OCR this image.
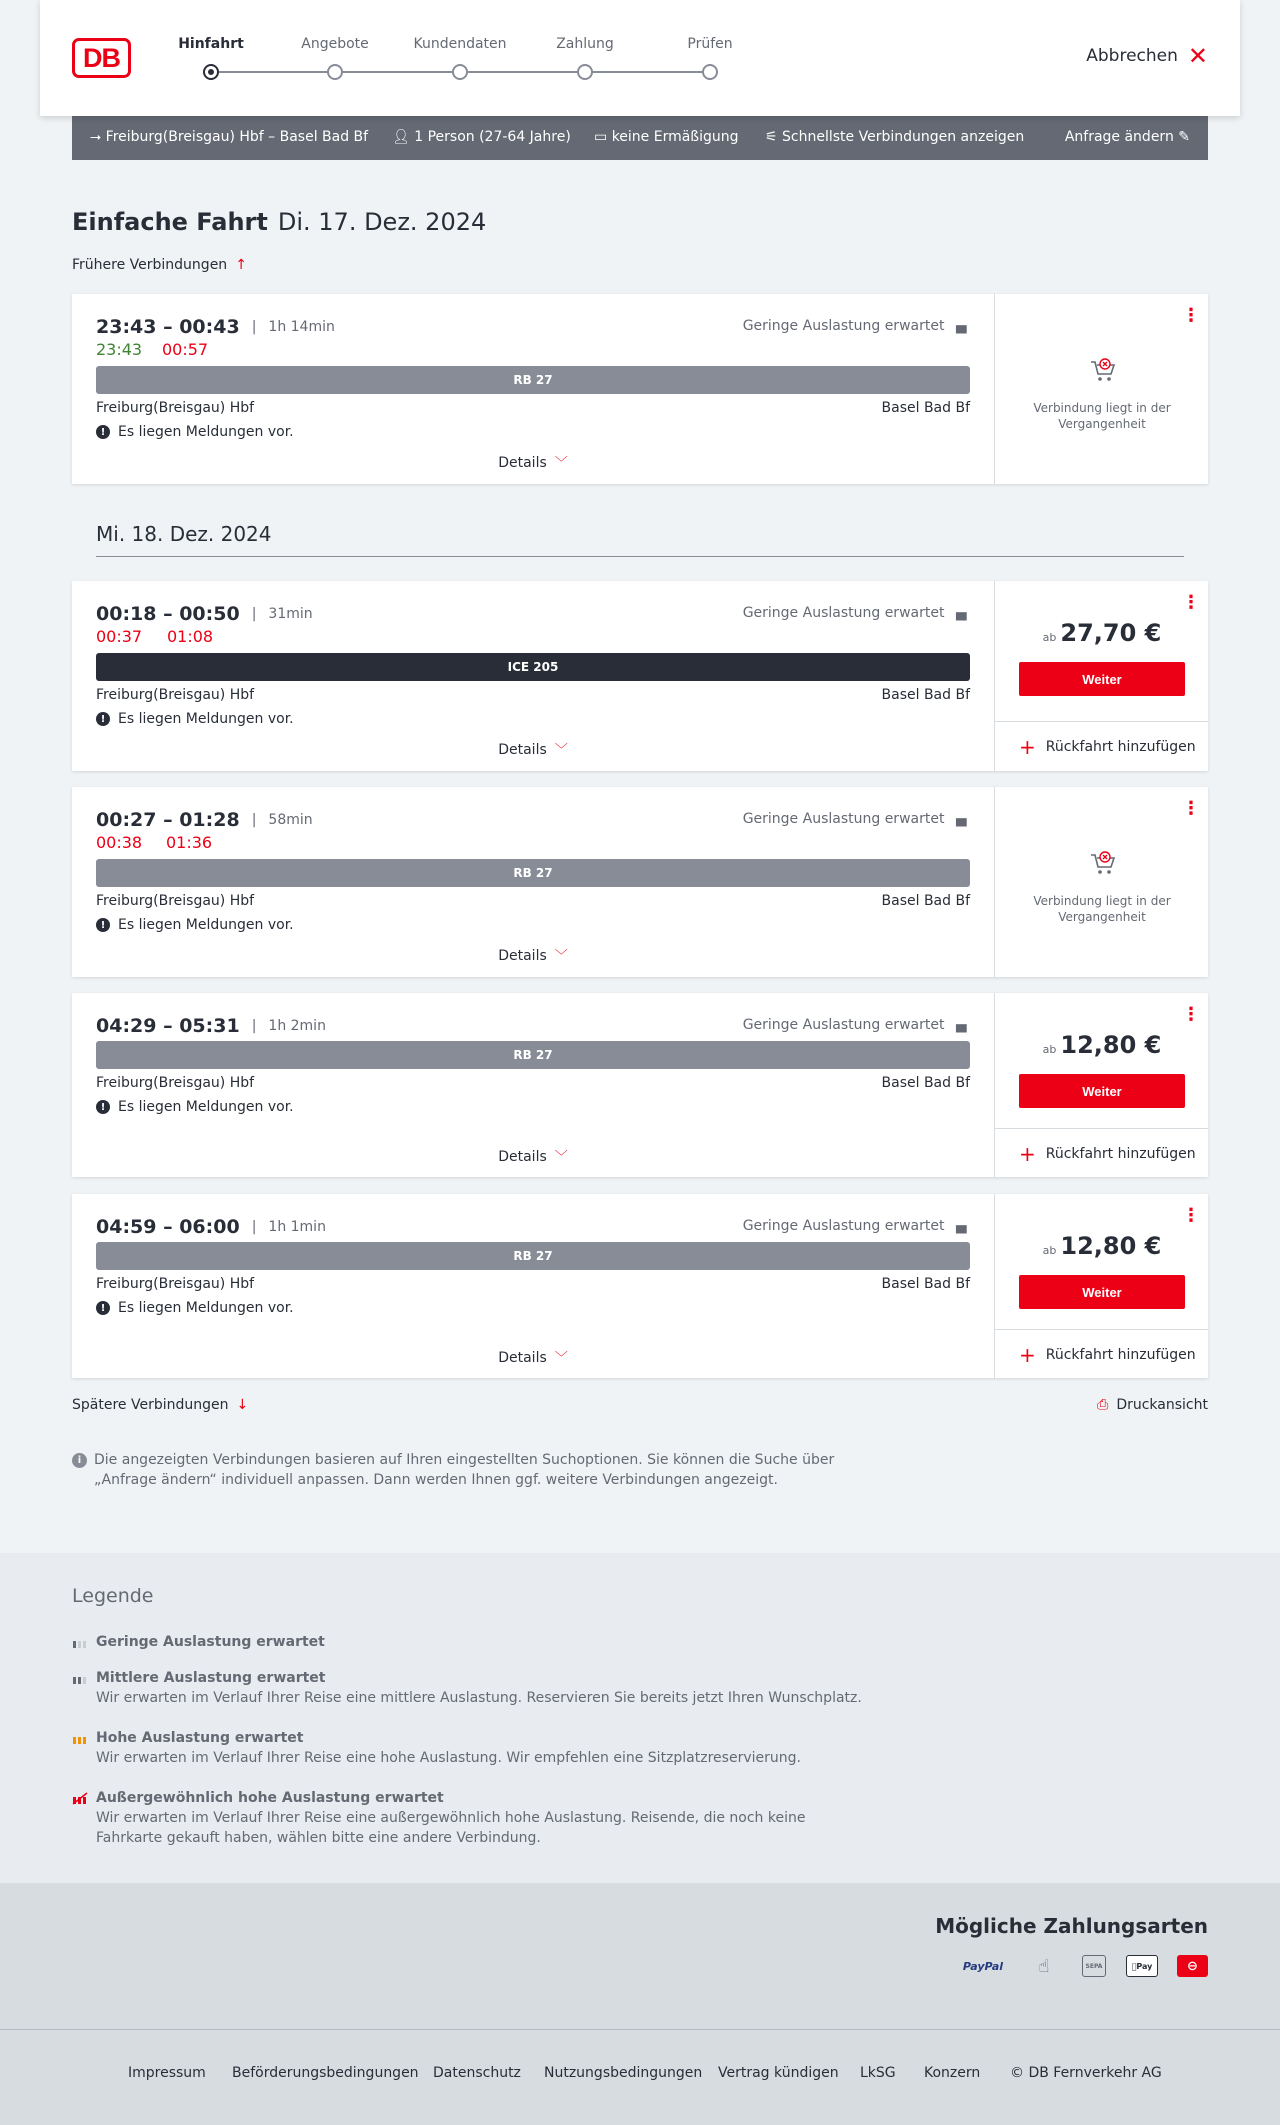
DB	Hinfahrt	Angebote	Kundendaten	Zahlung	Prüfen
Abbrechen ✕
⭢ Freiburg(Breisgau) Hbf – Basel Bad Bf 👤︎ 1 Person (27-64 Jahre) ▭ keine Ermäßigung ⚟ Schnellste Verbindungen anzeigen	Anfrage ändern ✎
Einfache Fahrt Di. 17. Dez. 2024
Frühere Verbindungen ↑
23:43 – 00:43	| 1h 14min
23:43 00:57
Geringe Auslastung erwartet ▗▖
RB 27
Freiburg(Breisgau) Hbf	Basel Bad Bf
! Es liegen Meldungen vor.
Details ﹀
⋮
Verbindung liegt in der Vergangenheit
Mi. 18. Dez. 2024
00:18 – 00:50	| 31min
00:37 01:08
Geringe Auslastung erwartet ▗▖
ICE 205
Freiburg(Breisgau) Hbf	Basel Bad Bf
! Es liegen Meldungen vor.
Details ﹀
⋮
ab 27,70 €
Weiter
+ Rückfahrt hinzufügen
00:27 – 01:28	| 58min
00:38 01:36
Geringe Auslastung erwartet ▗▖
RB 27
Freiburg(Breisgau) Hbf	Basel Bad Bf
! Es liegen Meldungen vor.
Details ﹀
⋮
Verbindung liegt in der Vergangenheit
04:29 – 05:31	| 1h 2min	Geringe Auslastung erwartet ▗▖
RB 27
Freiburg(Breisgau) Hbf	Basel Bad Bf
! Es liegen Meldungen vor.
Details ﹀
⋮
ab 12,80 €
Weiter
+ Rückfahrt hinzufügen
04:59 – 06:00	| 1h 1min	Geringe Auslastung erwartet ▗▖
RB 27
Freiburg(Breisgau) Hbf	Basel Bad Bf
! Es liegen Meldungen vor.
Details ﹀
⋮
ab 12,80 €
Weiter
+ Rückfahrt hinzufügen
Spätere Verbindungen ↓	⎙ Druckansicht
i Die angezeigten Verbindungen basieren auf Ihren eingestellten Suchoptionen. Sie können die Suche über „Anfrage ändern“ individuell anpassen. Dann werden Ihnen ggf. weitere Verbindungen angezeigt.
Legende
Geringe Auslastung erwartet
Mittlere Auslastung erwartet
Wir erwarten im Verlauf Ihrer Reise eine mittlere Auslastung. Reservieren Sie bereits jetzt Ihren Wunschplatz.
Hohe Auslastung erwartet
Wir erwarten im Verlauf Ihrer Reise eine hohe Auslastung. Wir empfehlen eine Sitzplatzreservierung.
Außergewöhnlich hohe Auslastung erwartet
Wir erwarten im Verlauf Ihrer Reise eine außergewöhnlich hohe Auslastung. Reisende, die noch keine Fahrkarte gekauft haben, wählen bitte eine andere Verbindung.
Mögliche Zahlungsarten
PayPal	☝	SEPA	Pay	⊖
Impressum Beförderungsbedingungen Datenschutz Nutzungsbedingungen Vertrag kündigen LkSG Konzern © DB Fernverkehr AG
